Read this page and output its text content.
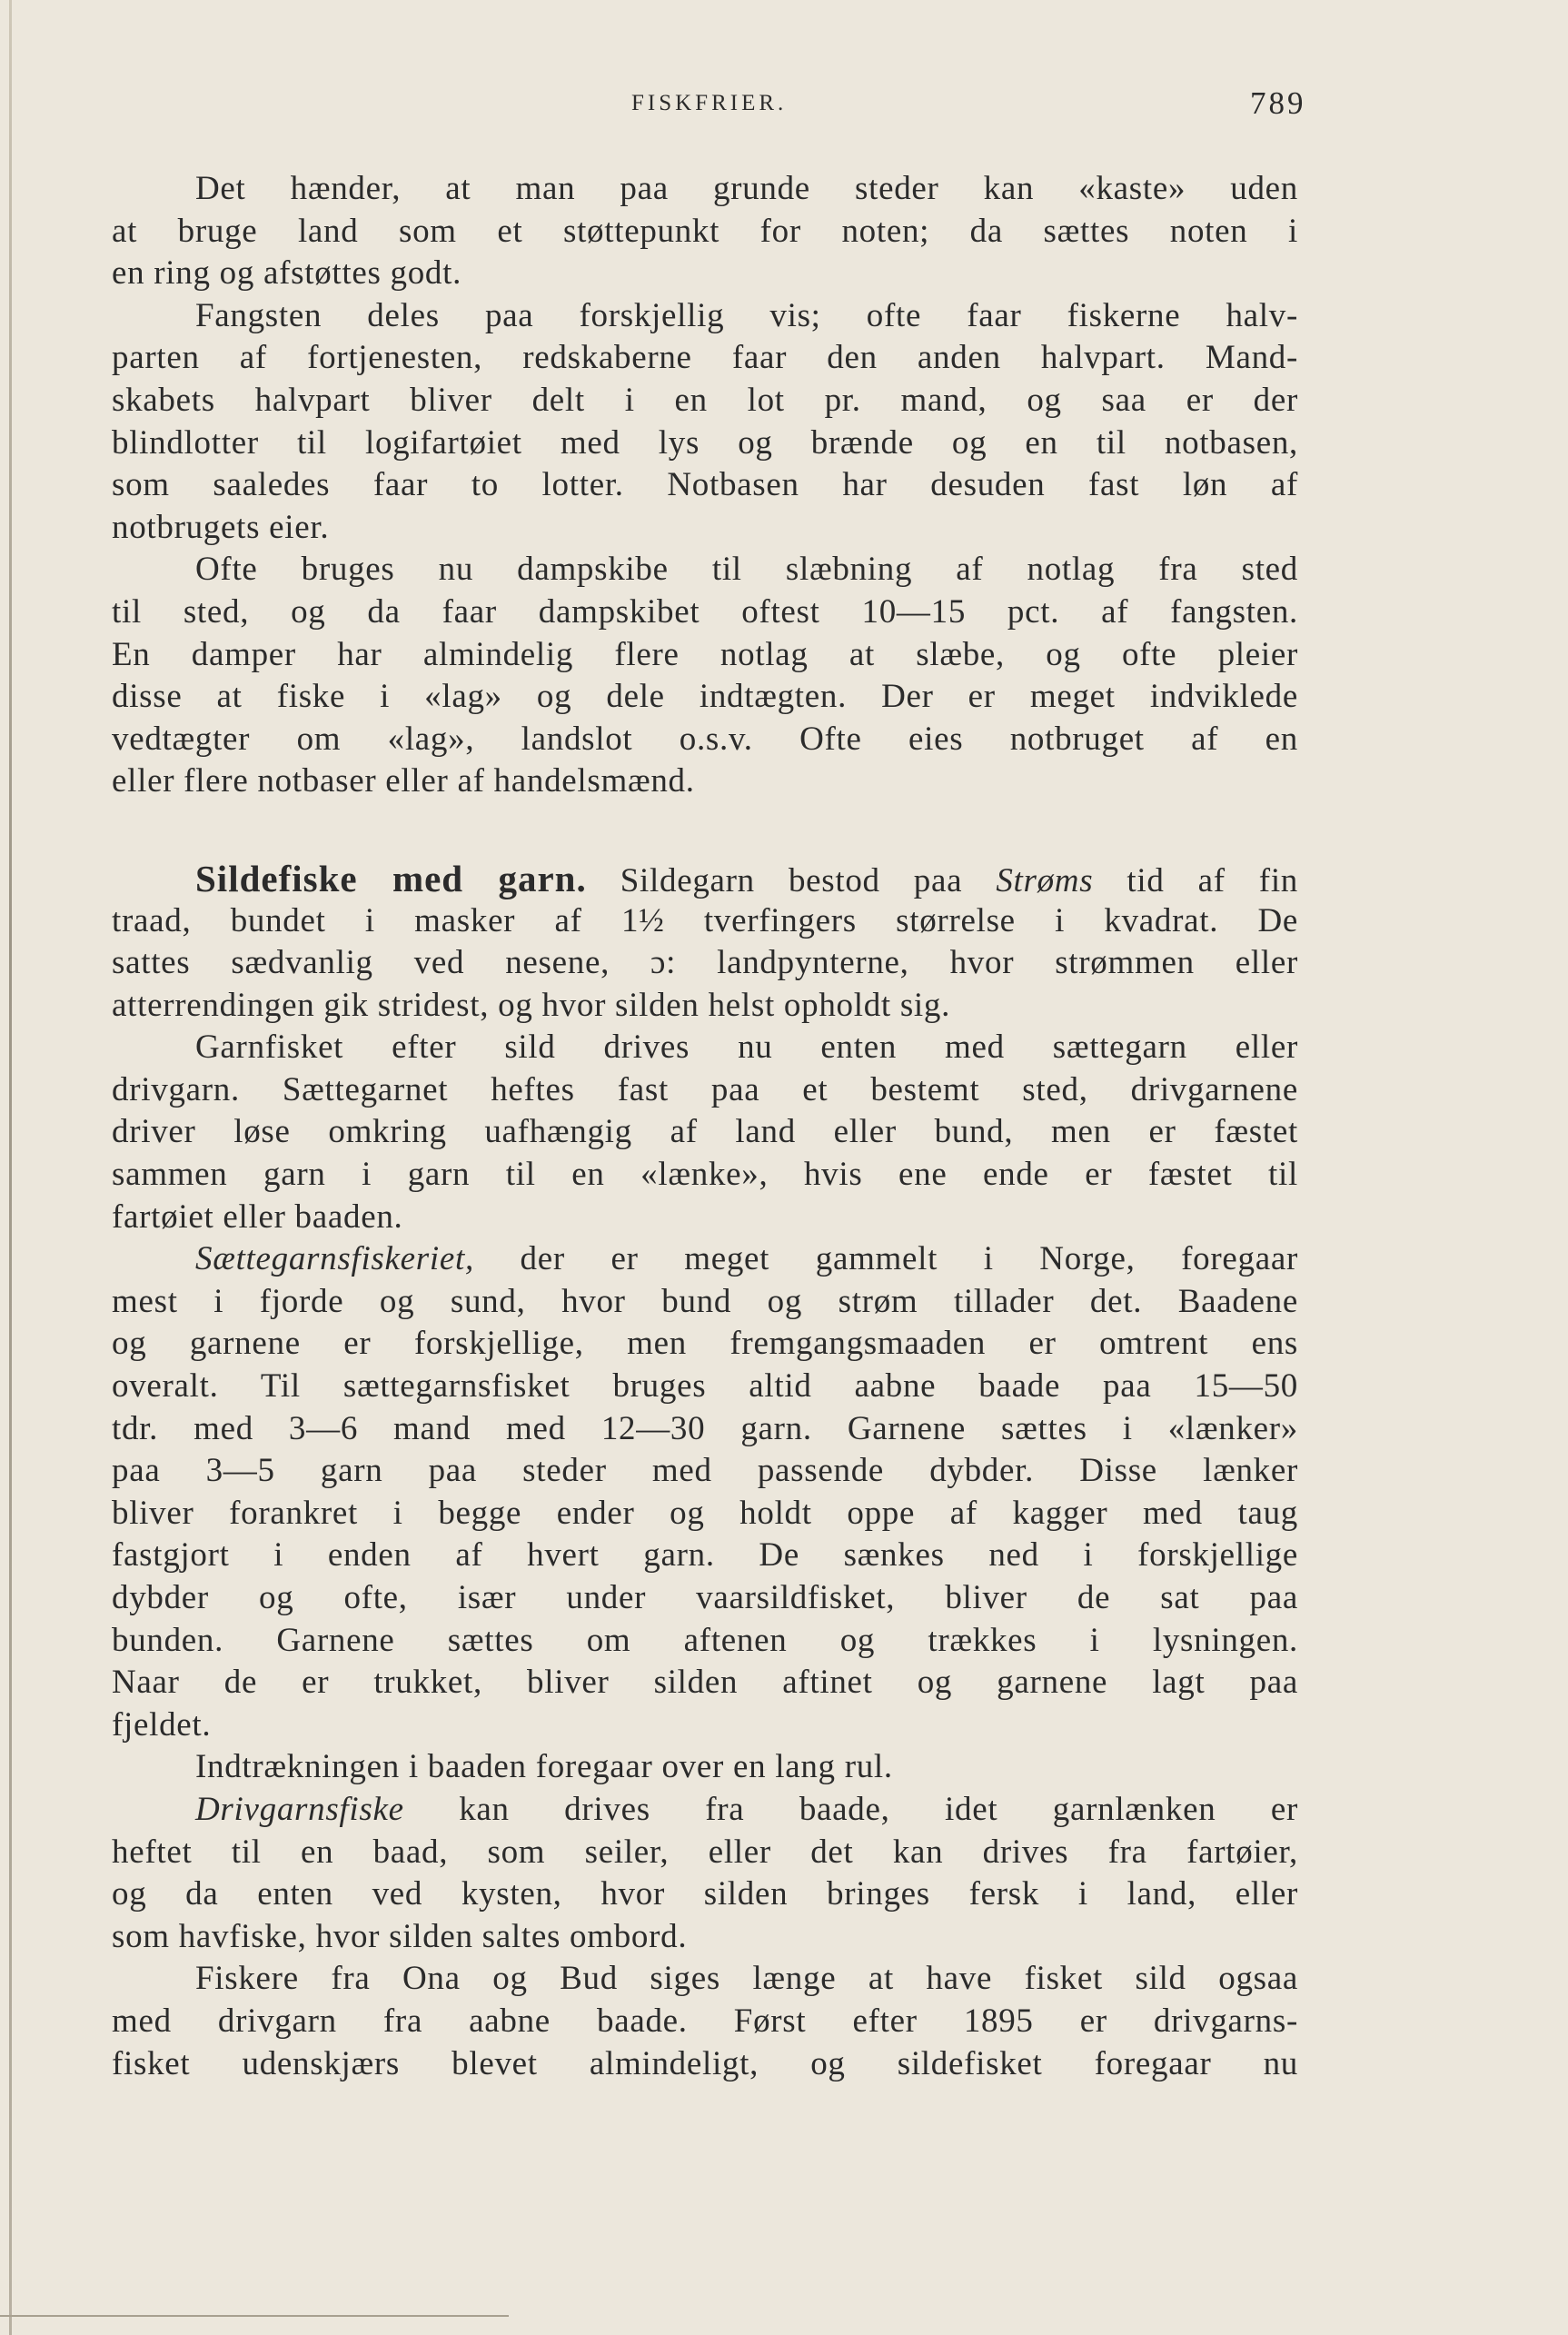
FISKFRIER.	789
Det hænder, at man paa grunde steder kan «kaste» uden
at bruge land som et støttepunkt for noten; da sættes noten i
en ring og afstøttes godt.
Fangsten deles paa forskjellig vis; ofte faar fiskerne halv-
parten af fortjenesten, redskaberne faar den anden halvpart. Mand-
skabets halvpart bliver delt i en lot pr. mand, og saa er der
blindlotter til logifartøiet med lys og brænde og en til notbasen,
som saaledes faar to lotter. Notbasen har desuden fast løn af
notbrugets eier.
Ofte bruges nu dampskibe til slæbning af notlag fra sted
til sted, og da faar dampskibet oftest 10—15 pct. af fangsten.
En damper har almindelig flere notlag at slæbe, og ofte pleier
disse at fiske i «lag» og dele indtægten. Der er meget indviklede
vedtægter om «lag», landslot o.s.v. Ofte eies notbruget af en
eller flere notbaser eller af handelsmænd.
Sildefiske med garn. Sildegarn bestod paa Strøms tid af fin
traad, bundet i masker af 1½ tverfingers størrelse i kvadrat. De
sattes sædvanlig ved nesene, ɔ: landpynterne, hvor strømmen eller
atterrendingen gik stridest, og hvor silden helst opholdt sig.
Garnfisket efter sild drives nu enten med sættegarn eller
drivgarn. Sættegarnet heftes fast paa et bestemt sted, drivgarnene
driver løse omkring uafhængig af land eller bund, men er fæstet
sammen garn i garn til en «lænke», hvis ene ende er fæstet til
fartøiet eller baaden.
Sættegarnsfiskeriet, der er meget gammelt i Norge, foregaar
mest i fjorde og sund, hvor bund og strøm tillader det. Baadene
og garnene er forskjellige, men fremgangsmaaden er omtrent ens
overalt. Til sættegarnsfisket bruges altid aabne baade paa 15—50
tdr. med 3—6 mand med 12—30 garn. Garnene sættes i «lænker»
paa 3—5 garn paa steder med passende dybder. Disse lænker
bliver forankret i begge ender og holdt oppe af kagger med taug
fastgjort i enden af hvert garn. De sænkes ned i forskjellige
dybder og ofte, især under vaarsildfisket, bliver de sat paa
bunden. Garnene sættes om aftenen og trækkes i lysningen.
Naar de er trukket, bliver silden aftinet og garnene lagt paa
fjeldet.
Indtrækningen i baaden foregaar over en lang rul.
Drivgarnsfiske kan drives fra baade, idet garnlænken er
heftet til en baad, som seiler, eller det kan drives fra fartøier,
og da enten ved kysten, hvor silden bringes fersk i land, eller
som havfiske, hvor silden saltes ombord.
Fiskere fra Ona og Bud siges længe at have fisket sild ogsaa
med drivgarn fra aabne baade. Først efter 1895 er drivgarns-
fisket udenskjærs blevet almindeligt, og sildefisket foregaar nu
